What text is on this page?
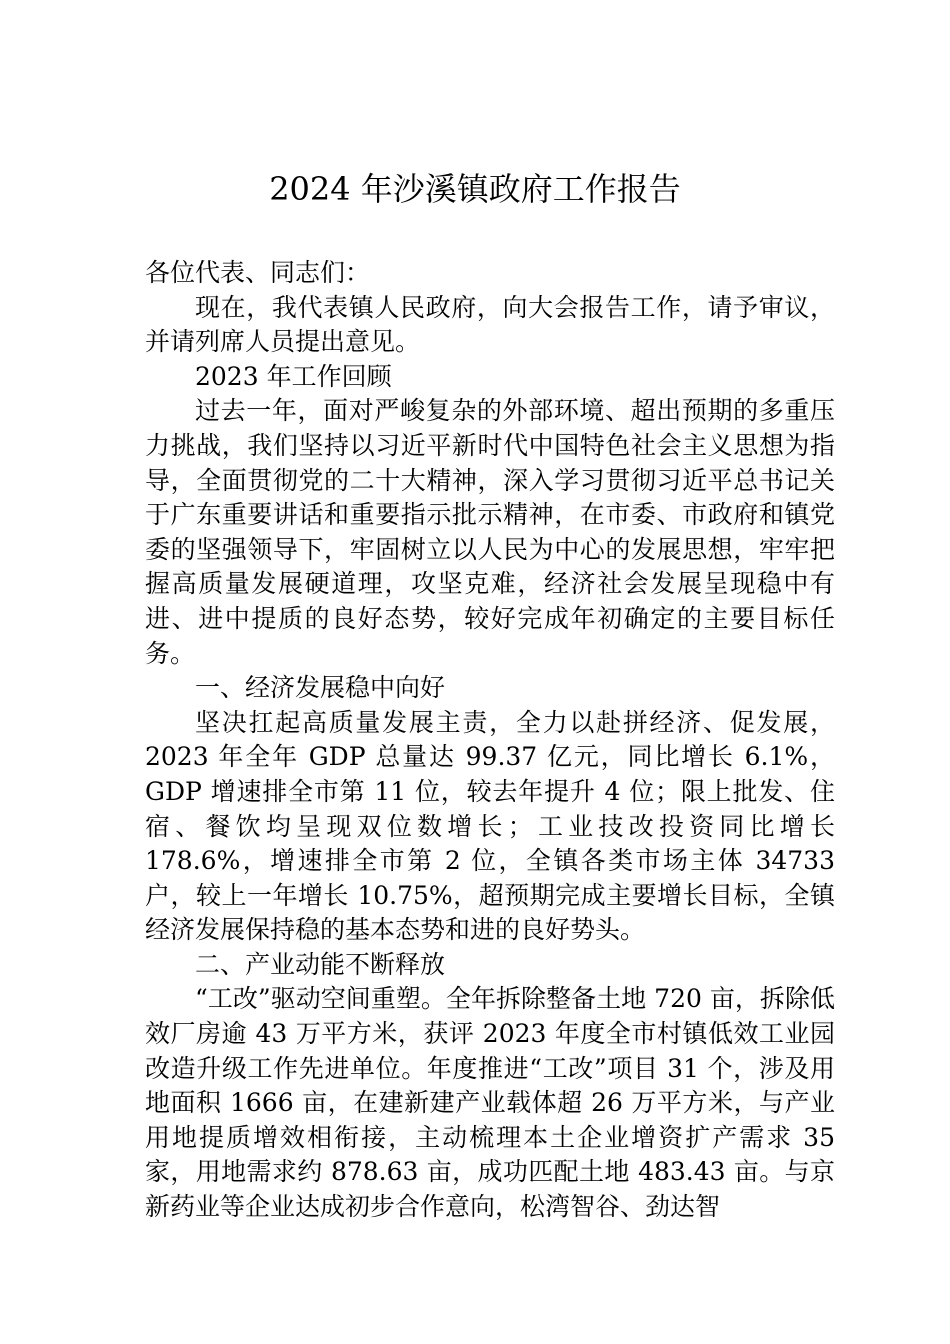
2024 年沙溪镇政府工作报告

各位代表、同志们：

现在，我代表镇人民政府，向大会报告工作，请予审议，并请列席人员提出意见。

2023 年工作回顾

过去一年，面对严峻复杂的外部环境、超出预期的多重压力挑战，我们坚持以习近平新时代中国特色社会主义思想为指导，全面贯彻党的二十大精神，深入学习贯彻习近平总书记关于广东重要讲话和重要指示批示精神，在市委、市政府和镇党委的坚强领导下，牢固树立以人民为中心的发展思想，牢牢把握高质量发展硬道理，攻坚克难，经济社会发展呈现稳中有进、进中提质的良好态势，较好完成年初确定的主要目标任务。

一、经济发展稳中向好

坚决扛起高质量发展主责，全力以赴拼经济、促发展，2023 年全年 GDP 总量达 99.37 亿元，同比增长 6.1%，GDP 增速排全市第 11 位，较去年提升 4 位；限上批发、住宿、餐饮均呈现双位数增长；工业技改投资同比增长 178.6%，增速排全市第 2 位，全镇各类市场主体 34733 户，较上一年增长 10.75%，超预期完成主要增长目标，全镇经济发展保持稳的基本态势和进的良好势头。

二、产业动能不断释放

“工改”驱动空间重塑。全年拆除整备土地 720 亩，拆除低效厂房逾 43 万平方米，获评 2023 年度全市村镇低效工业园改造升级工作先进单位。年度推进“工改”项目 31 个，涉及用地面积 1666 亩，在建新建产业载体超 26 万平方米，与产业用地提质增效相衔接，主动梳理本土企业增资扩产需求 35 家，用地需求约 878.63 亩，成功匹配土地 483.43 亩。与京新药业等企业达成初步合作意向，松湾智谷、劲达智
